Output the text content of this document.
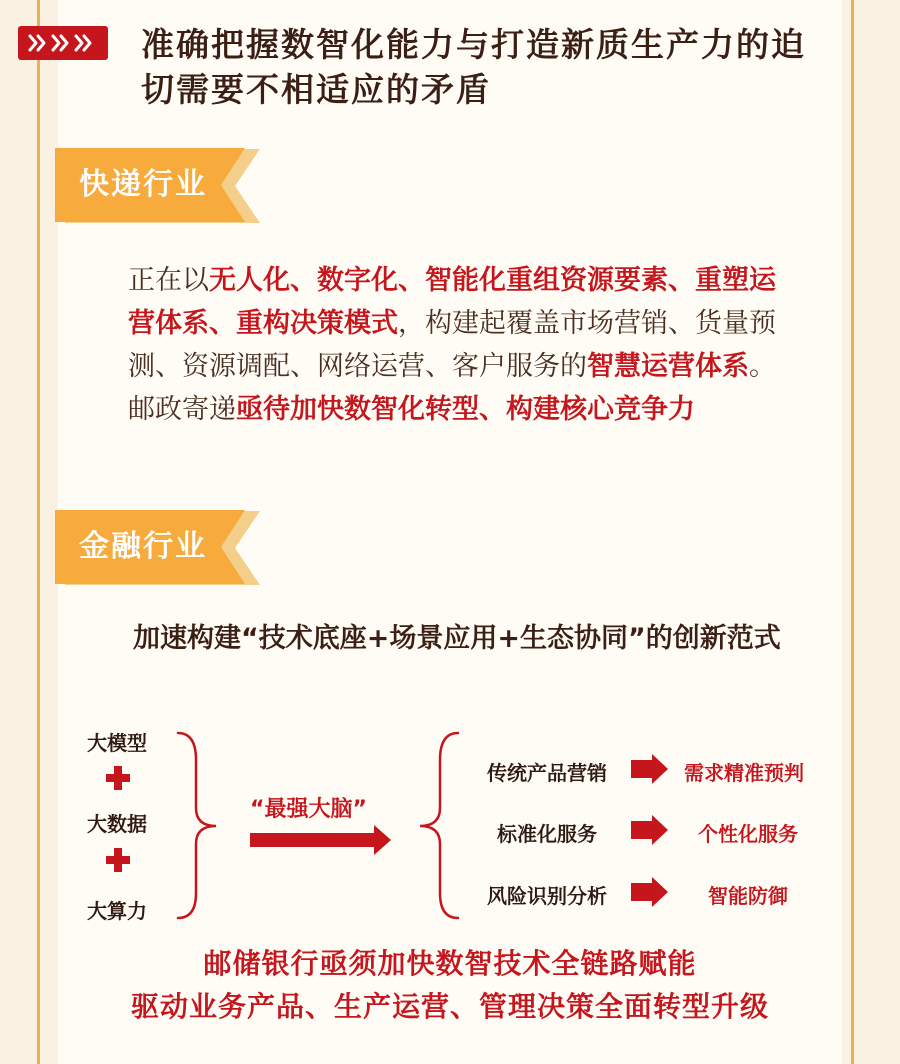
准确把握数智化能力与打造新质生产力的迫切需要不相适应的矛盾
快递行业

正在以无人化、数字化、智能化重组资源要素、重塑运营体系、重构决策模式，构建起覆盖市场营销、货量预测、资源调配、网络运营、客户服务的智慧运营体系。邮政寄递亟待加快数智化转型、构建核心竞争力

金融行业

加速构建“技术底座+场景应用+生态协同”的创新范式

大模型
大数据
大算力
“最强大脑”
传统产品营销	需求精准预判
标准化服务	个性化服务
风险识别分析	智能防御

邮储银行亟须加快数智技术全链路赋能

驱动业务产品、生产运营、管理决策全面转型升级
